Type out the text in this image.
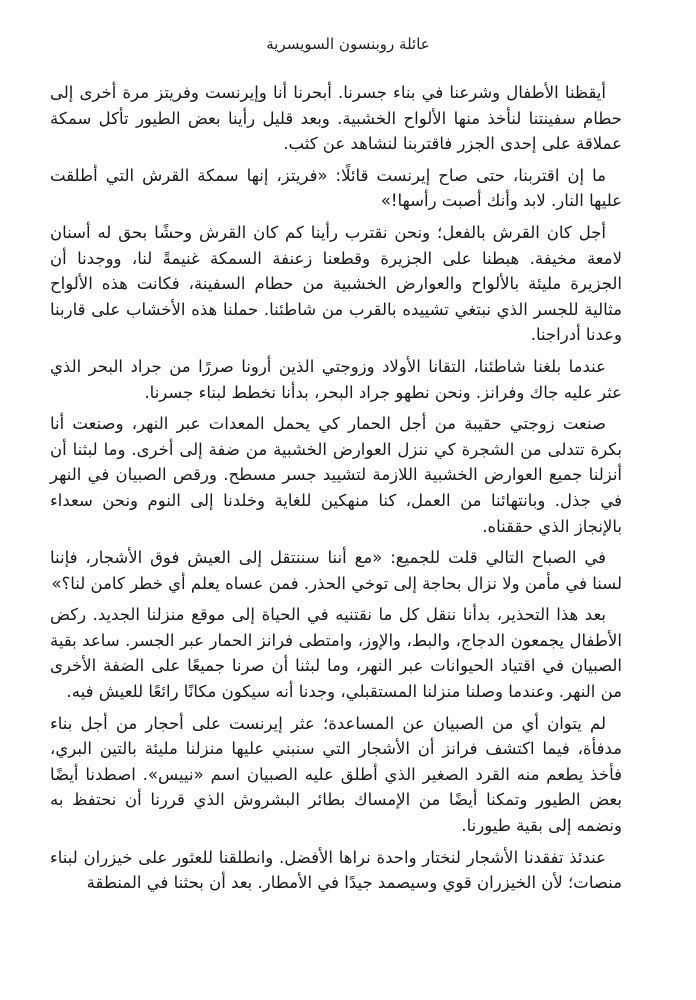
عائلة روبنسون السويسرية

أيقظنا الأطفال وشرعنا في بناء جسرنا. أبحرنا أنا وإيرنست وفريتز مرة أخرى إلى حطام سفينتنا لنأخذ منها الألواح الخشبية. وبعد قليل رأينا بعض الطيور تأكل سمكة عملاقة على إحدى الجزر فاقتربنا لنشاهد عن كثب.

ما إن اقتربنا، حتى صاح إيرنست قائلًا: «فريتز، إنها سمكة القرش التي أطلقت عليها النار. لابد وأنك أصبت رأسها!»

أجل كان القرش بالفعل؛ ونحن نقترب رأينا كم كان القرش وحشًا بحق له أسنان لامعة مخيفة. هبطنا على الجزيرة وقطعنا زعنفة السمكة غنيمةً لنا، ووجدنا أن الجزيرة مليئة بالألواح والعوارض الخشبية من حطام السفينة، فكانت هذه الألواح مثالية للجسر الذي نبتغي تشييده بالقرب من شاطئنا. حملنا هذه الأخشاب على قاربنا وعدنا أدراجنا.

عندما بلغنا شاطئنا، التقانا الأولاد وزوجتي الذين أرونا صررًا من جراد البحر الذي عثر عليه جاك وفرانز. ونحن نطهو جراد البحر، بدأنا نخطط لبناء جسرنا.

صنعت زوجتي حقيبة من أجل الحمار كي يحمل المعدات عبر النهر، وصنعت أنا بكرة تتدلى من الشجرة كي ننزل العوارض الخشبية من ضفة إلى أخرى. وما لبثنا أن أنزلنا جميع العوارض الخشبية اللازمة لتشييد جسر مسطح. ورقص الصبيان في النهر في جذل. وبانتهائنا من العمل، كنا منهكين للغاية وخلدنا إلى النوم ونحن سعداء بالإنجاز الذي حققناه.

في الصباح التالي قلت للجميع: «مع أننا سننتقل إلى العيش فوق الأشجار، فإننا لسنا في مأمن ولا نزال بحاجة إلى توخي الحذر. فمن عساه يعلم أي خطر كامن لنا؟»

بعد هذا التحذير، بدأنا ننقل كل ما نقتنيه في الحياة إلى موقع منزلنا الجديد. ركض الأطفال يجمعون الدجاج، والبط، والإوز، وامتطى فرانز الحمار عبر الجسر. ساعد بقية الصبيان في اقتياد الحيوانات عبر النهر، وما لبثنا أن صرنا جميعًا على الضفة الأخرى من النهر. وعندما وصلنا منزلنا المستقبلي، وجدنا أنه سيكون مكانًا رائعًا للعيش فيه.

لم يتوان أي من الصبيان عن المساعدة؛ عثر إيرنست على أحجار من أجل بناء مدفأة، فيما اكتشف فرانز أن الأشجار التي سنبني عليها منزلنا مليئة بالتين البري، فأخذ يطعم منه القرد الصغير الذي أطلق عليه الصبيان اسم «نييس». اصطدنا أيضًا بعض الطيور وتمكنا أيضًا من الإمساك بطائر البشروش الذي قررنا أن نحتفظ به ونضمه إلى بقية طيورنا.

عندئذ تفقدنا الأشجار لنختار واحدة نراها الأفضل. وانطلقنا للعثور على خيزران لبناء منصات؛ لأن الخيزران قوي وسيصمد جيدًا في الأمطار. بعد أن بحثنا في المنطقة
